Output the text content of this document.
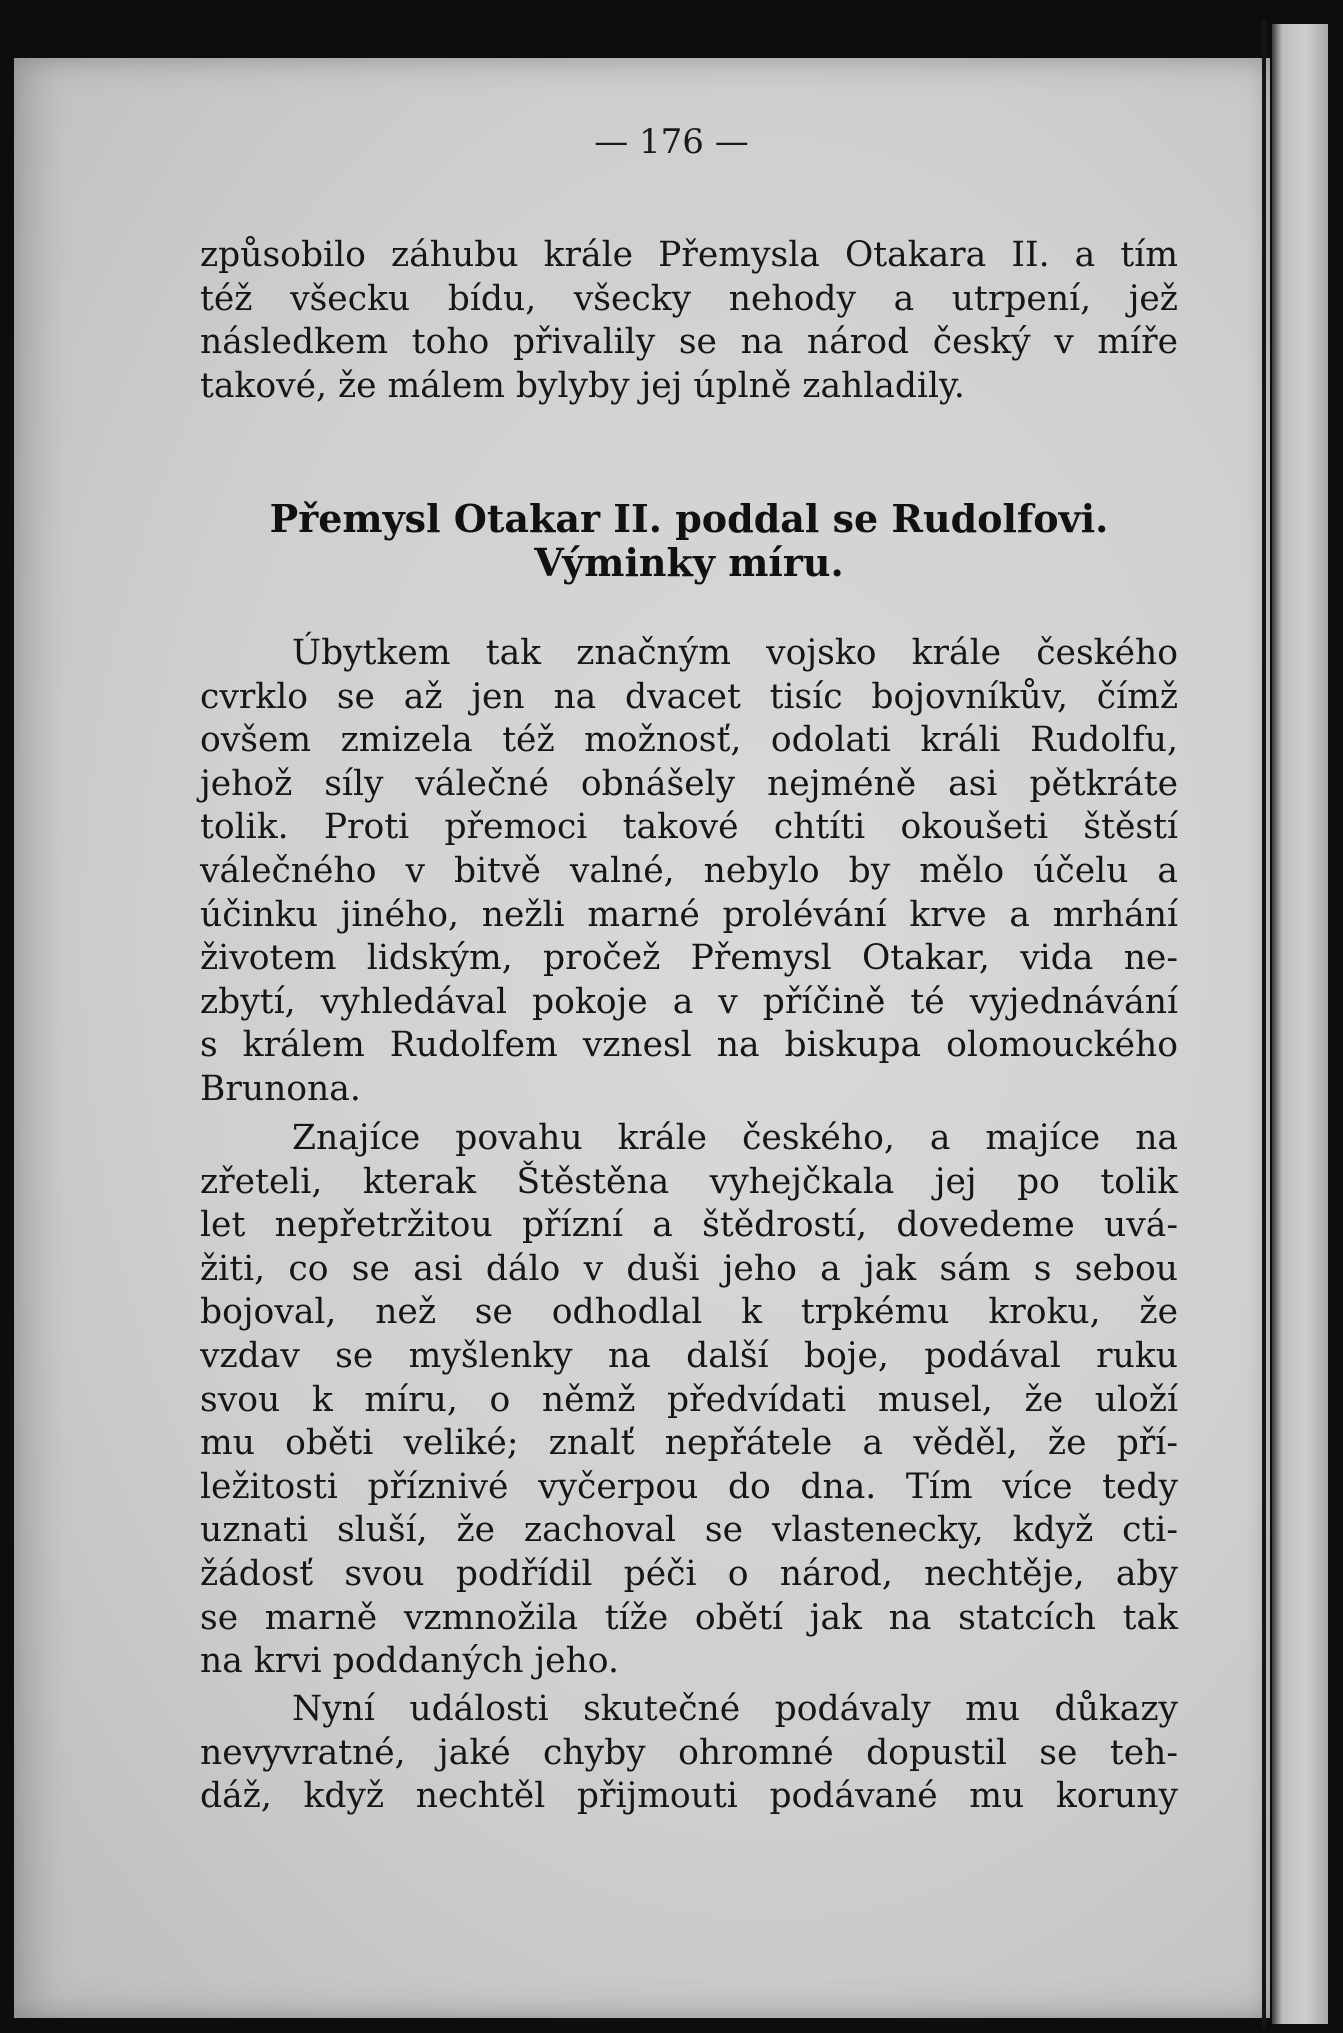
— 176 —
způsobilo záhubu krále Přemysla Otakara II. a tím
též všecku bídu, všecky nehody a utrpení, jež
následkem toho přivalily se na národ český v míře
takové, že málem bylyby jej úplně zahladily.
Přemysl Otakar II. poddal se Rudolfovi.
Výminky míru.
Úbytkem tak značným vojsko krále českého
cvrklo se až jen na dvacet tisíc bojovníkův, čímž
ovšem zmizela též možnosť, odolati králi Rudolfu,
jehož síly válečné obnášely nejméně asi pětkráte
tolik. Proti přemoci takové chtíti okoušeti štěstí
válečného v bitvě valné, nebylo by mělo účelu a
účinku jiného, nežli marné prolévání krve a mrhání
životem lidským, pročež Přemysl Otakar, vida ne-
zbytí, vyhledával pokoje a v příčině té vyjednávání
s králem Rudolfem vznesl na biskupa olomouckého
Brunona.
Znajíce povahu krále českého, a majíce na
zřeteli, kterak Štěstěna vyhejčkala jej po tolik
let nepřetržitou přízní a štědrostí, dovedeme uvá-
žiti, co se asi dálo v duši jeho a jak sám s sebou
bojoval, než se odhodlal k trpkému kroku, že
vzdav se myšlenky na další boje, podával ruku
svou k míru, o němž předvídati musel, že uloží
mu oběti veliké; znalť nepřátele a věděl, že pří-
ležitosti příznivé vyčerpou do dna. Tím více tedy
uznati sluší, že zachoval se vlastenecky, když cti-
žádosť svou podřídil péči o národ, nechtěje, aby
se marně vzmnožila tíže obětí jak na statcích tak
na krvi poddaných jeho.
Nyní události skutečné podávaly mu důkazy
nevyvratné, jaké chyby ohromné dopustil se teh-
dáž, když nechtěl přijmouti podávané mu koruny
